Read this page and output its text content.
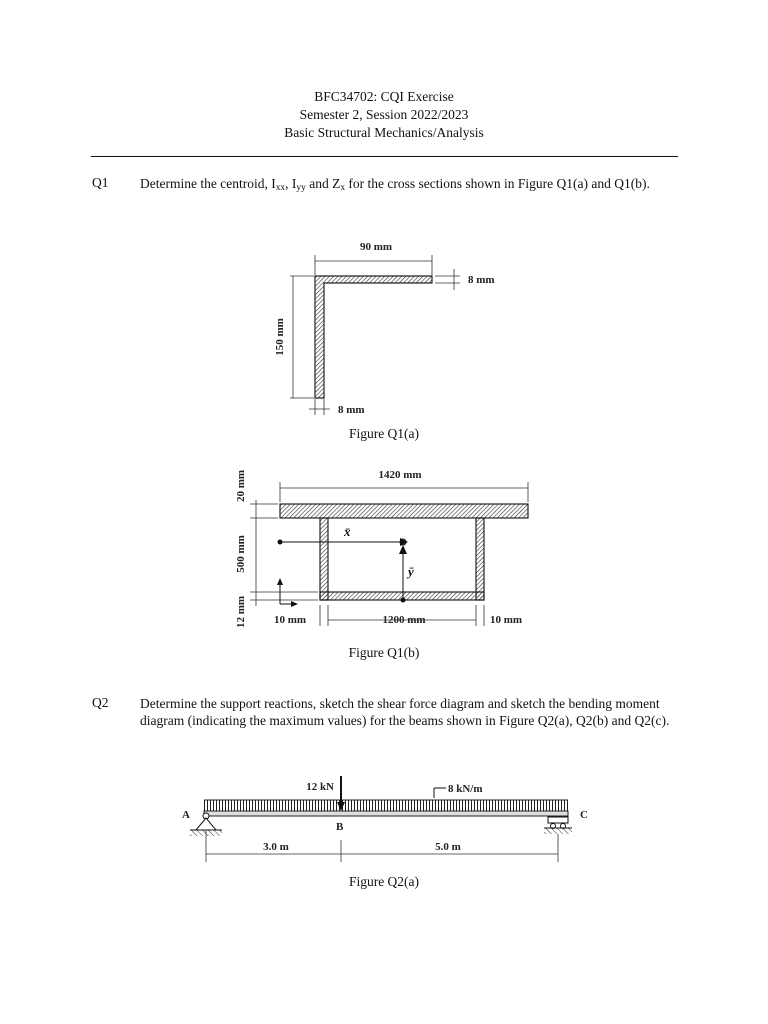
BFC34702: CQI Exercise
Semester 2, Session 2022/2023
Basic Structural Mechanics/Analysis
Q1 Determine the centroid, $I_{xx}$, $I_{yy}$ and $Z_x$ for the cross sections shown in Figure Q1(a) and Q1(b).
90 mm
8 mm
150 mm
8 mm
Figure Q1(a)
1420 mm
20 mm
500 mm
12 mm
x̄
ȳ
10 mm	1200 mm	10 mm
Figure Q1(b)
Q2 Determine the support reactions, sketch the shear force diagram and sketch the bending moment diagram (indicating the maximum values) for the beams shown in Figure Q2(a), Q2(b) and Q2(c).
12 kN	8 kN/m
A	C
B
3.0 m	5.0 m
Figure Q2(a)
